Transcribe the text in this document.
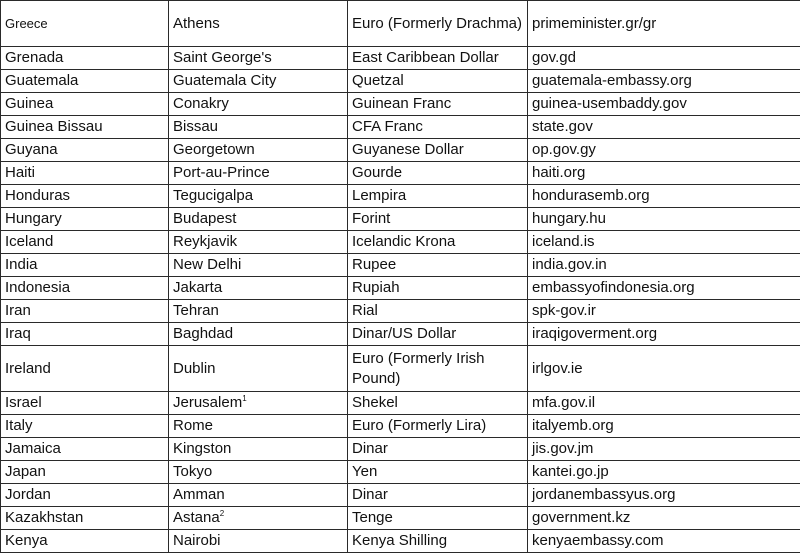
Greece	Athens	Euro (Formerly Drachma)	primeminister.gr/gr
Grenada	Saint George's	East Caribbean Dollar	gov.gd
Guatemala	Guatemala City	Quetzal	guatemala-embassy.org
Guinea	Conakry	Guinean Franc	guinea-usembaddy.gov
Guinea Bissau	Bissau	CFA Franc	state.gov
Guyana	Georgetown	Guyanese Dollar	op.gov.gy
Haiti	Port-au-Prince	Gourde	haiti.org
Honduras	Tegucigalpa	Lempira	hondurasemb.org
Hungary	Budapest	Forint	hungary.hu
Iceland	Reykjavik	Icelandic Krona	iceland.is
India	New Delhi	Rupee	india.gov.in
Indonesia	Jakarta	Rupiah	embassyofindonesia.org
Iran	Tehran	Rial	spk-gov.ir
Iraq	Baghdad	Dinar/US Dollar	iraqigoverment.org
Ireland	Dublin	Euro (Formerly Irish Pound)	irlgov.ie
Israel	Jerusalem$^1$	Shekel	mfa.gov.il
Italy	Rome	Euro (Formerly Lira)	italyemb.org
Jamaica	Kingston	Dinar	jis.gov.jm
Japan	Tokyo	Yen	kantei.go.jp
Jordan	Amman	Dinar	jordanembassyus.org
Kazakhstan	Astana$^2$	Tenge	government.kz
Kenya	Nairobi	Kenya Shilling	kenyaembassy.com
